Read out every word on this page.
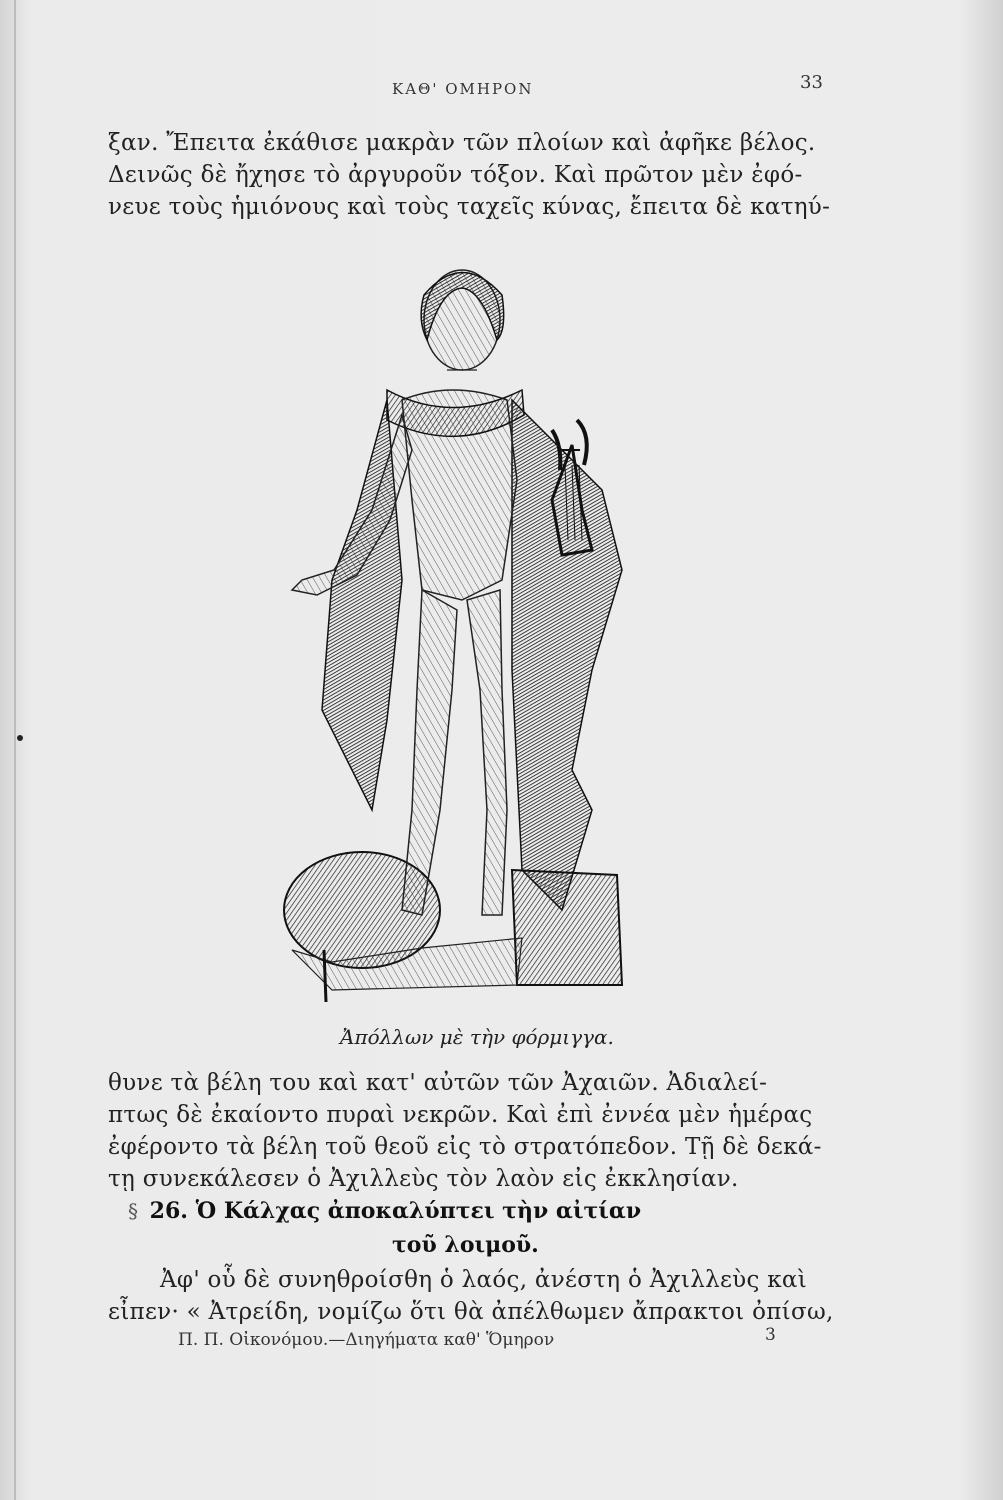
ΚΑΘ' ΟΜΗΡΟΝ	33
ξαν. Ἔπειτα ἐκάθισε μακρὰν τῶν πλοίων καὶ ἀφῆκε βέλος.
Δεινῶς δὲ ἤχησε τὸ ἀργυροῦν τόξον. Καὶ πρῶτον μὲν ἐφό-
νευε τοὺς ἡμιόνους καὶ τοὺς ταχεῖς κύνας, ἔπειτα δὲ κατηύ-
Ἀπόλλων μὲ τὴν φόρμιγγα.
θυνε τὰ βέλη του καὶ κατ' αὐτῶν τῶν Ἀχαιῶν. Ἀδιαλεί-
πτως δὲ ἐκαίοντο πυραὶ νεκρῶν. Καὶ ἐπὶ ἐννέα μὲν ἡμέρας
ἐφέροντο τὰ βέλη τοῦ θεοῦ εἰς τὸ στρατόπεδον. Τῇ δὲ δεκά-
τῃ συνεκάλεσεν ὁ Ἀχιλλεὺς τὸν λαὸν εἰς ἐκκλησίαν.
§ 26. Ὁ Κάλχας ἀποκαλύπτει τὴν αἰτίαν
τοῦ λοιμοῦ.
Ἀφ' οὗ δὲ συνηθροίσθη ὁ λαός, ἀνέστη ὁ Ἀχιλλεὺς καὶ
εἶπεν· « Ἀτρείδη, νομίζω ὅτι θὰ ἀπέλθωμεν ἄπρακτοι ὀπίσω,
Π. Π. Οἰκονόμου.—Διηγήματα καθ' Ὅμηρον	3
